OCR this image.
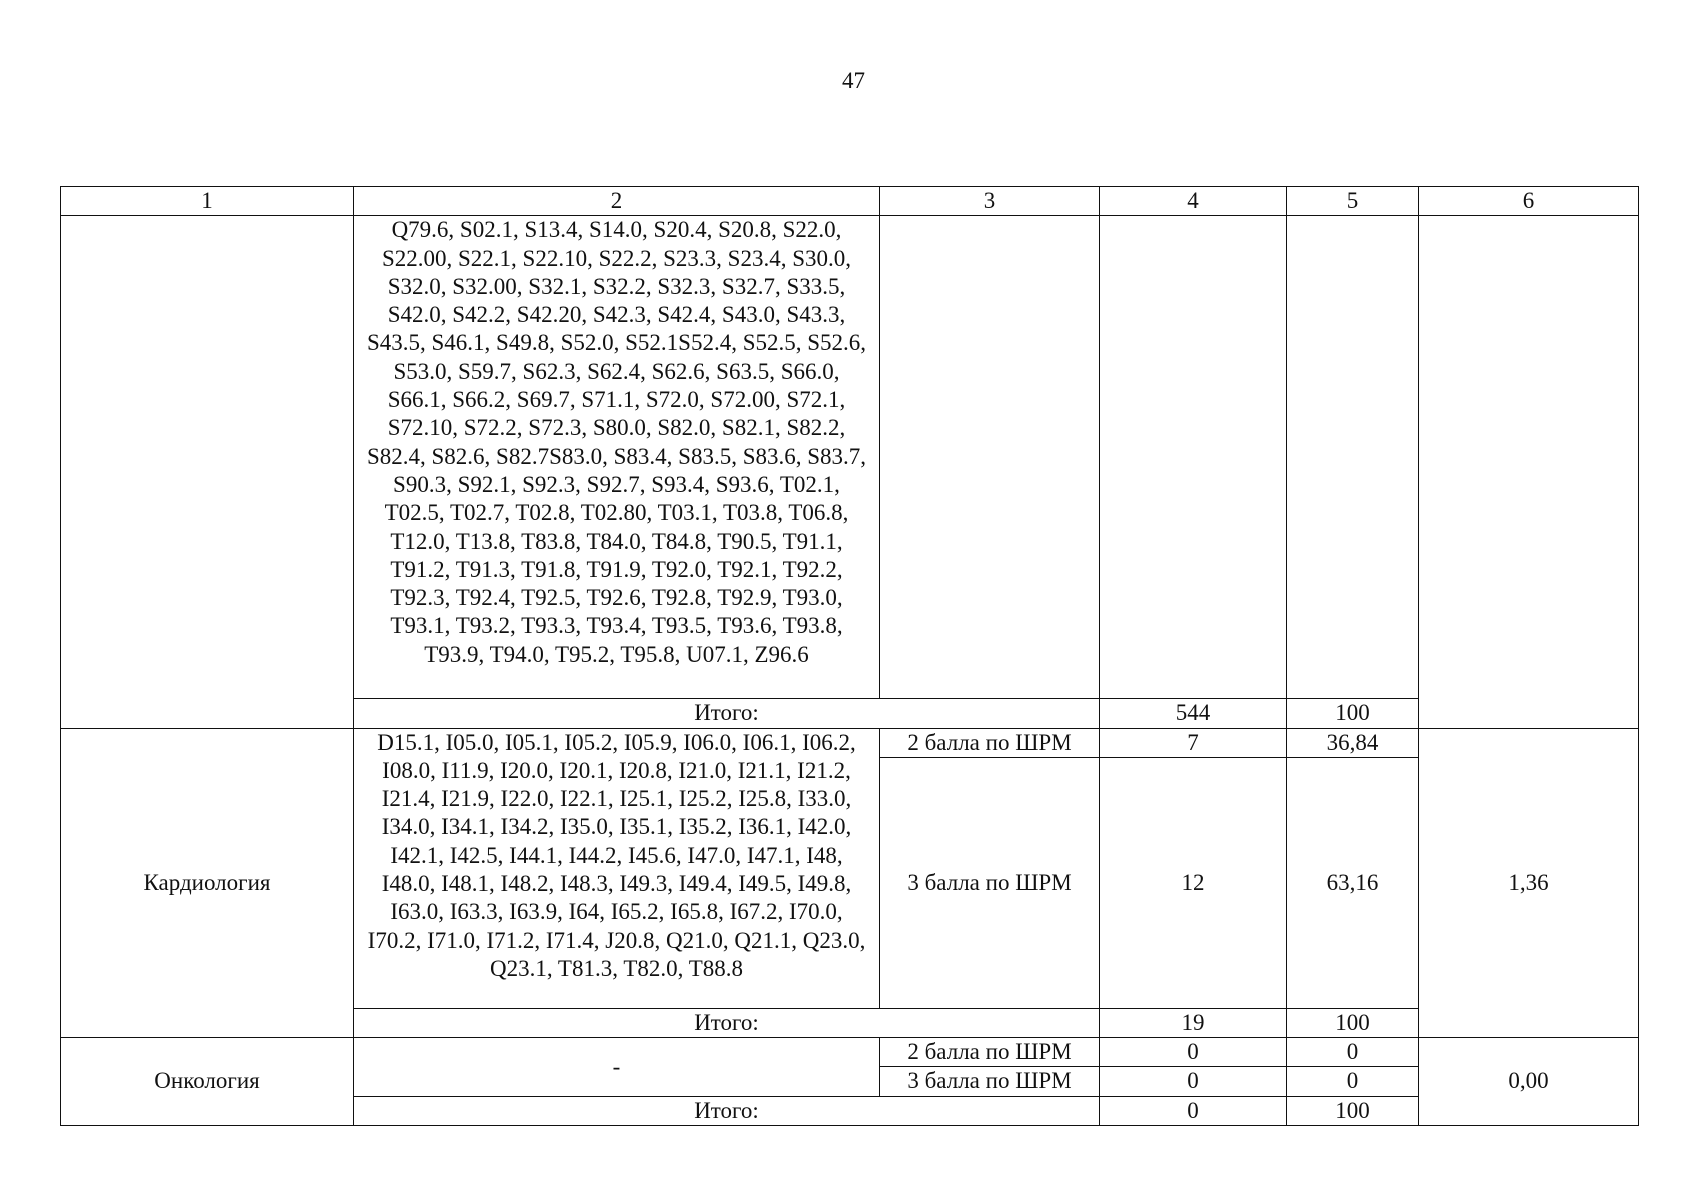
47
1	2	3	4	5	6
	Q79.6, S02.1, S13.4, S14.0, S20.4, S20.8, S22.0, S22.00, S22.1, S22.10, S22.2, S23.3, S23.4, S30.0, S32.0, S32.00, S32.1, S32.2, S32.3, S32.7, S33.5, S42.0, S42.2, S42.20, S42.3, S42.4, S43.0, S43.3, S43.5, S46.1, S49.8, S52.0, S52.1S52.4, S52.5, S52.6, S53.0, S59.7, S62.3, S62.4, S62.6, S63.5, S66.0, S66.1, S66.2, S69.7, S71.1, S72.0, S72.00, S72.1, S72.10, S72.2, S72.3, S80.0, S82.0, S82.1, S82.2, S82.4, S82.6, S82.7S83.0, S83.4, S83.5, S83.6, S83.7, S90.3, S92.1, S92.3, S92.7, S93.4, S93.6, T02.1, T02.5, T02.7, T02.8, T02.80, T03.1, T03.8, T06.8, T12.0, T13.8, T83.8, T84.0, T84.8, T90.5, T91.1, T91.2, T91.3, T91.8, T91.9, T92.0, T92.1, T92.2, T92.3, T92.4, T92.5, T92.6, T92.8, T92.9, T93.0, T93.1, T93.2, T93.3, T93.4, T93.5, T93.6, T93.8, T93.9, T94.0, T95.2, T95.8, U07.1, Z96.6				
	Итого:		544	100	
Кардиология	D15.1, I05.0, I05.1, I05.2, I05.9, I06.0, I06.1, I06.2, I08.0, I11.9, I20.0, I20.1, I20.8, I21.0, I21.1, I21.2, I21.4, I21.9, I22.0, I22.1, I25.1, I25.2, I25.8, I33.0, I34.0, I34.1, I34.2, I35.0, I35.1, I35.2, I36.1, I42.0, I42.1, I42.5, I44.1, I44.2, I45.6, I47.0, I47.1, I48, I48.0, I48.1, I48.2, I48.3, I49.3, I49.4, I49.5, I49.8, I63.0, I63.3, I63.9, I64, I65.2, I65.8, I67.2, I70.0, I70.2, I71.0, I71.2, I71.4, J20.8, Q21.0, Q21.1, Q23.0, Q23.1, T81.3, T82.0, T88.8	2 балла по ШРМ	7	36,84	1,36
		3 балла по ШРМ	12	63,16	
	Итого:		19	100	
Онкология	-	2 балла по ШРМ	0	0	0,00
		3 балла по ШРМ	0	0	
	Итого:		0	100	
